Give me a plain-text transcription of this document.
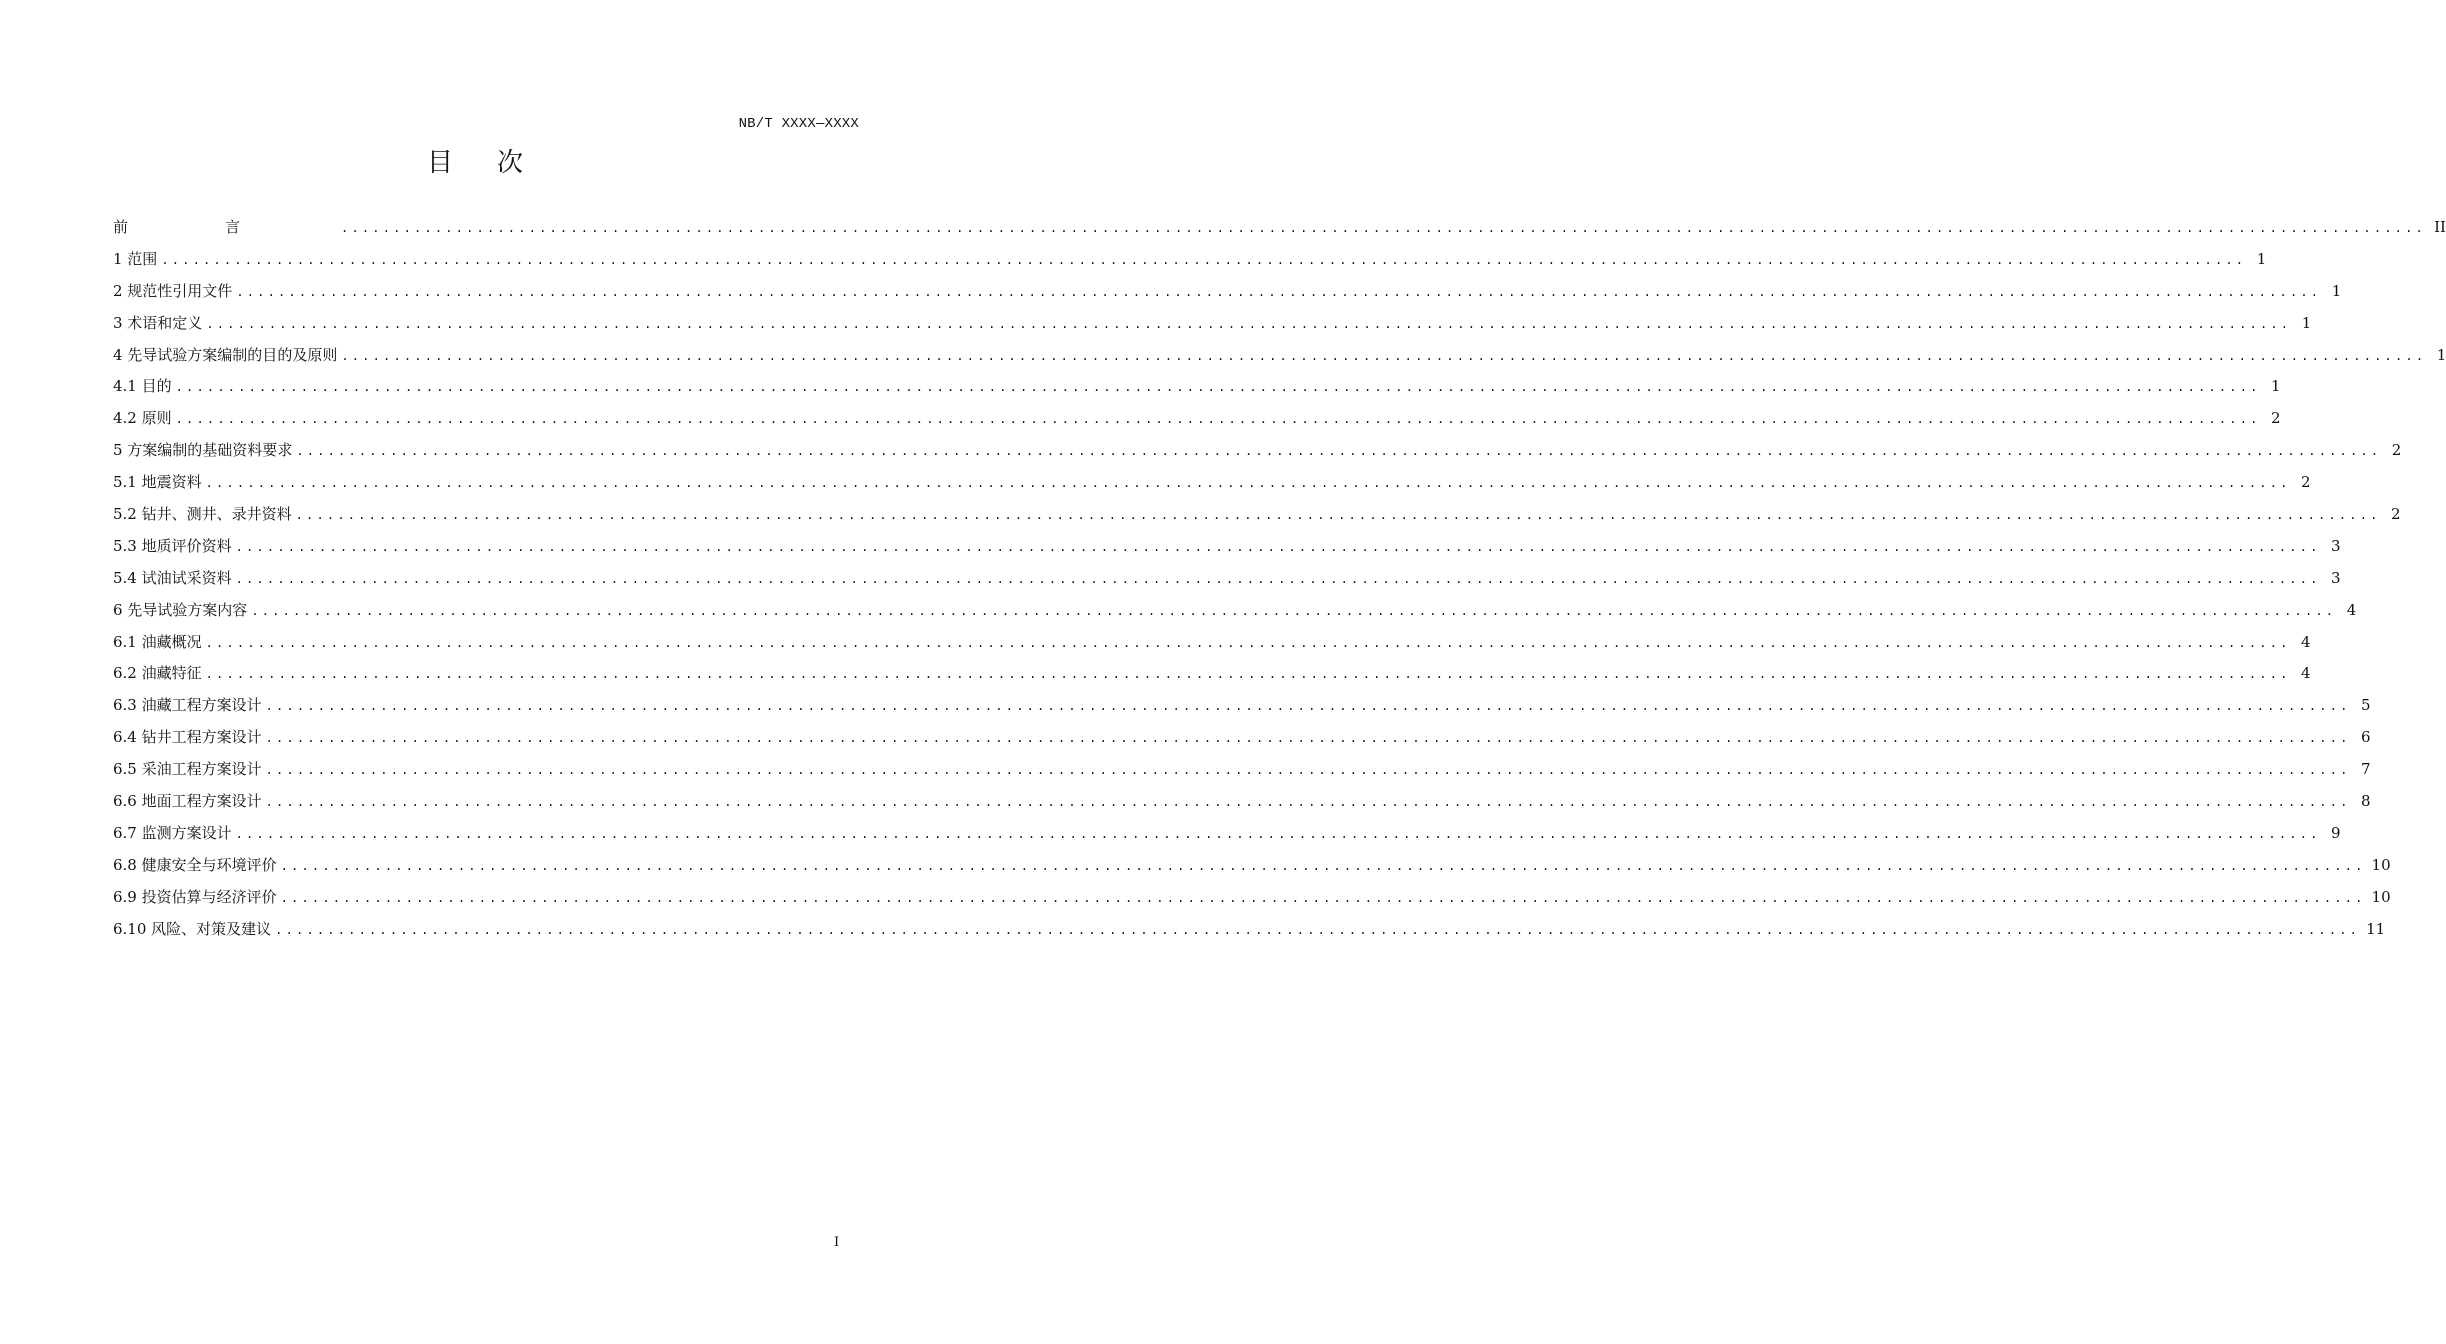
NB/T XXXX—XXXX
目次
前言 ........................................................................................................................................................................................................ II
1 范围 ........................................................................................................................................................................................................ 1
2 规范性引用文件 ........................................................................................................................................................................................................ 1
3 术语和定义 ........................................................................................................................................................................................................ 1
4 先导试验方案编制的目的及原则 ........................................................................................................................................................................................................ 1
4.1 目的 ........................................................................................................................................................................................................ 1
4.2 原则 ........................................................................................................................................................................................................ 2
5 方案编制的基础资料要求 ........................................................................................................................................................................................................ 2
5.1 地震资料 ........................................................................................................................................................................................................ 2
5.2 钻井、测井、录井资料 ........................................................................................................................................................................................................ 2
5.3 地质评价资料 ........................................................................................................................................................................................................ 3
5.4 试油试采资料 ........................................................................................................................................................................................................ 3
6 先导试验方案内容 ........................................................................................................................................................................................................ 4
6.1 油藏概况 ........................................................................................................................................................................................................ 4
6.2 油藏特征 ........................................................................................................................................................................................................ 4
6.3 油藏工程方案设计 ........................................................................................................................................................................................................ 5
6.4 钻井工程方案设计 ........................................................................................................................................................................................................ 6
6.5 采油工程方案设计 ........................................................................................................................................................................................................ 7
6.6 地面工程方案设计 ........................................................................................................................................................................................................ 8
6.7 监测方案设计 ........................................................................................................................................................................................................ 9
6.8 健康安全与环境评价 ........................................................................................................................................................................................................ 10
6.9 投资估算与经济评价 ........................................................................................................................................................................................................ 10
6.10 风险、对策及建议 ........................................................................................................................................................................................................ 11
I
